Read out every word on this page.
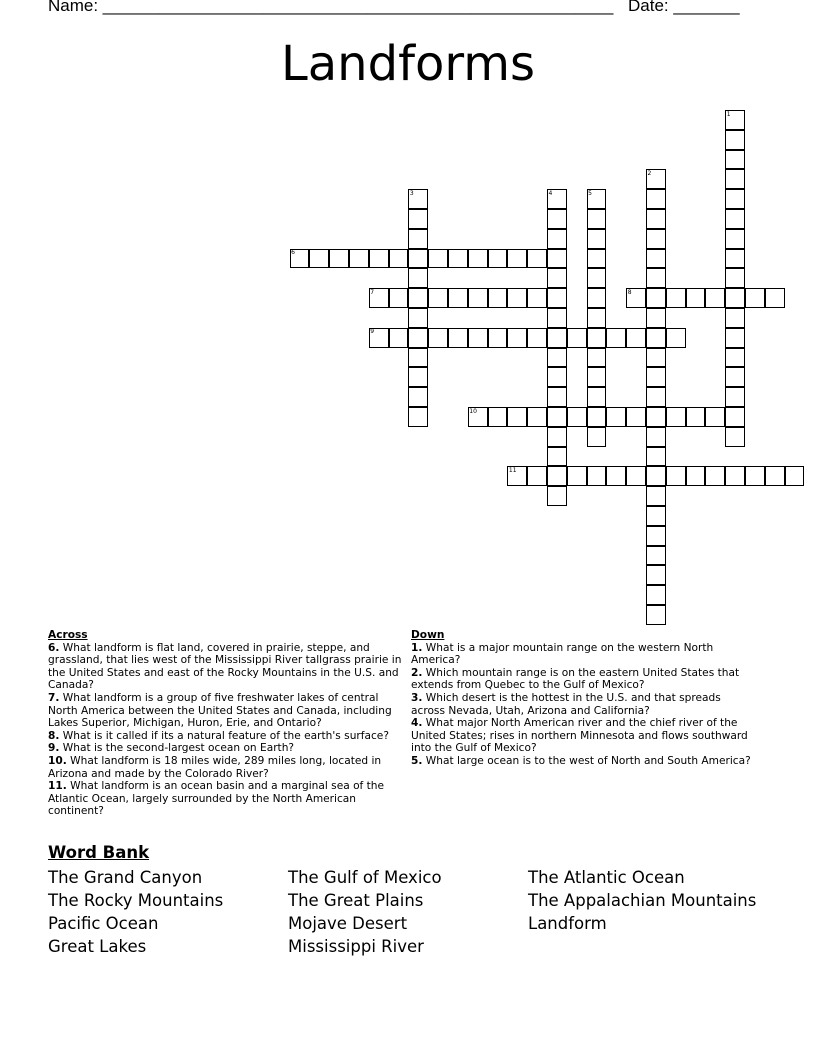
Name: ______________________________________________________ Date: _______
Landforms
1
2
3	4	5
6
7	8
9
10
11
Across
6. What landform is flat land, covered in prairie, steppe, and grassland, that lies west of the Mississippi River tallgrass prairie in the United States and east of the Rocky Mountains in the U.S. and Canada?
7. What landform is a group of five freshwater lakes of central North America between the United States and Canada, including Lakes Superior, Michigan, Huron, Erie, and Ontario?
8. What is it called if its a natural feature of the earth's surface?
9. What is the second-largest ocean on Earth?
10. What landform is 18 miles wide, 289 miles long, located in Arizona and made by the Colorado River?
11. What landform is an ocean basin and a marginal sea of the Atlantic Ocean, largely surrounded by the North American continent?
Down
1. What is a major mountain range on the western North America?
2. Which mountain range is on the eastern United States that extends from Quebec to the Gulf of Mexico?
3. Which desert is the hottest in the U.S. and that spreads across Nevada, Utah, Arizona and California?
4. What major North American river and the chief river of the United States; rises in northern Minnesota and flows southward into the Gulf of Mexico?
5. What large ocean is to the west of North and South America?
Word Bank
The Grand Canyon
The Rocky Mountains
Pacific Ocean
Great Lakes
The Gulf of Mexico
The Great Plains
Mojave Desert
Mississippi River
The Atlantic Ocean
The Appalachian Mountains
Landform
